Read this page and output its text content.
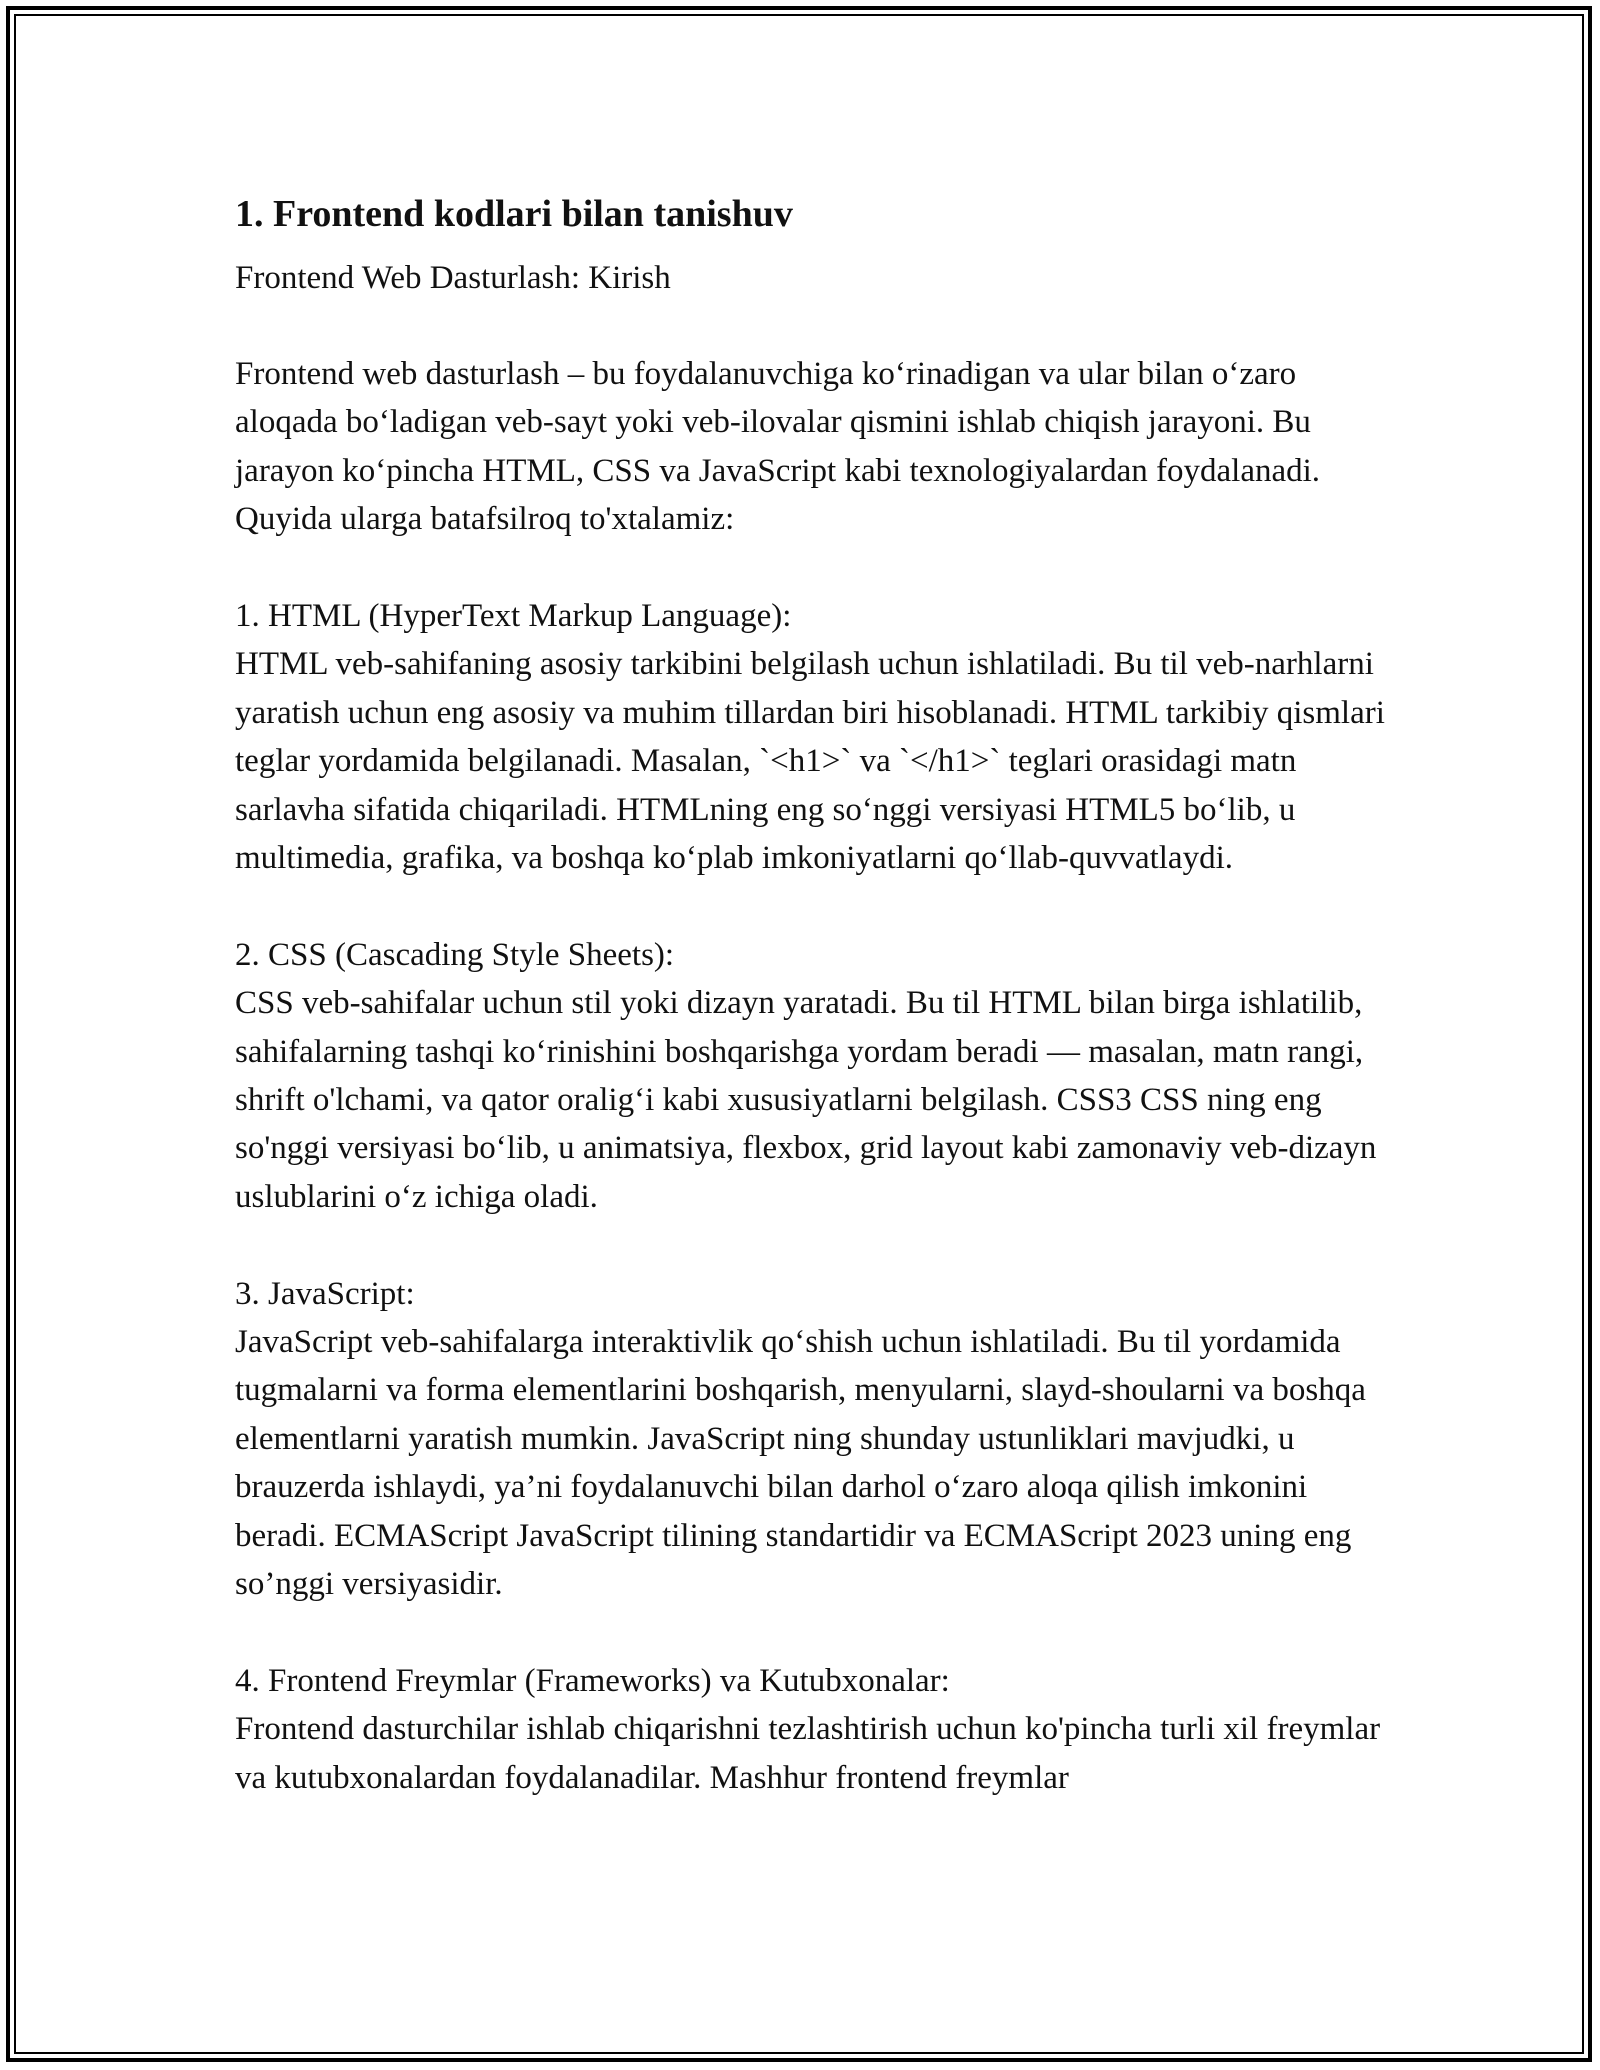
1. Frontend kodlari bilan tanishuv
Frontend Web Dasturlash: Kirish

Frontend web dasturlash – bu foydalanuvchiga ko‘rinadigan va ular bilan o‘zaro aloqada bo‘ladigan veb-sayt yoki veb-ilovalar qismini ishlab chiqish jarayoni. Bu jarayon ko‘pincha HTML, CSS va JavaScript kabi texnologiyalardan foydalanadi. Quyida ularga batafsilroq to'xtalamiz:

1. HTML (HyperText Markup Language):
HTML veb-sahifaning asosiy tarkibini belgilash uchun ishlatiladi. Bu til veb-narhlarni yaratish uchun eng asosiy va muhim tillardan biri hisoblanadi. HTML tarkibiy qismlari teglar yordamida belgilanadi. Masalan, `<h1>` va `</h1>` teglari orasidagi matn sarlavha sifatida chiqariladi. HTMLning eng so‘nggi versiyasi HTML5 bo‘lib, u multimedia, grafika, va boshqa ko‘plab imkoniyatlarni qo‘llab-quvvatlaydi.

2. CSS (Cascading Style Sheets):
CSS veb-sahifalar uchun stil yoki dizayn yaratadi. Bu til HTML bilan birga ishlatilib, sahifalarning tashqi ko‘rinishini boshqarishga yordam beradi — masalan, matn rangi, shrift o'lchami, va qator oralig‘i kabi xususiyatlarni belgilash. CSS3 CSS ning eng so'nggi versiyasi bo‘lib, u animatsiya, flexbox, grid layout kabi zamonaviy veb-dizayn uslublarini o‘z ichiga oladi.

3. JavaScript:
JavaScript veb-sahifalarga interaktivlik qo‘shish uchun ishlatiladi. Bu til yordamida tugmalarni va forma elementlarini boshqarish, menyularni, slayd-shoularni va boshqa elementlarni yaratish mumkin. JavaScript ning shunday ustunliklari mavjudki, u brauzerda ishlaydi, ya’ni foydalanuvchi bilan darhol o‘zaro aloqa qilish imkonini beradi. ECMAScript JavaScript tilining standartidir va ECMAScript 2023 uning eng so’nggi versiyasidir.

4. Frontend Freymlar (Frameworks) va Kutubxonalar:
Frontend dasturchilar ishlab chiqarishni tezlashtirish uchun ko'pincha turli xil freymlar va kutubxonalardan foydalanadilar. Mashhur frontend freymlar
